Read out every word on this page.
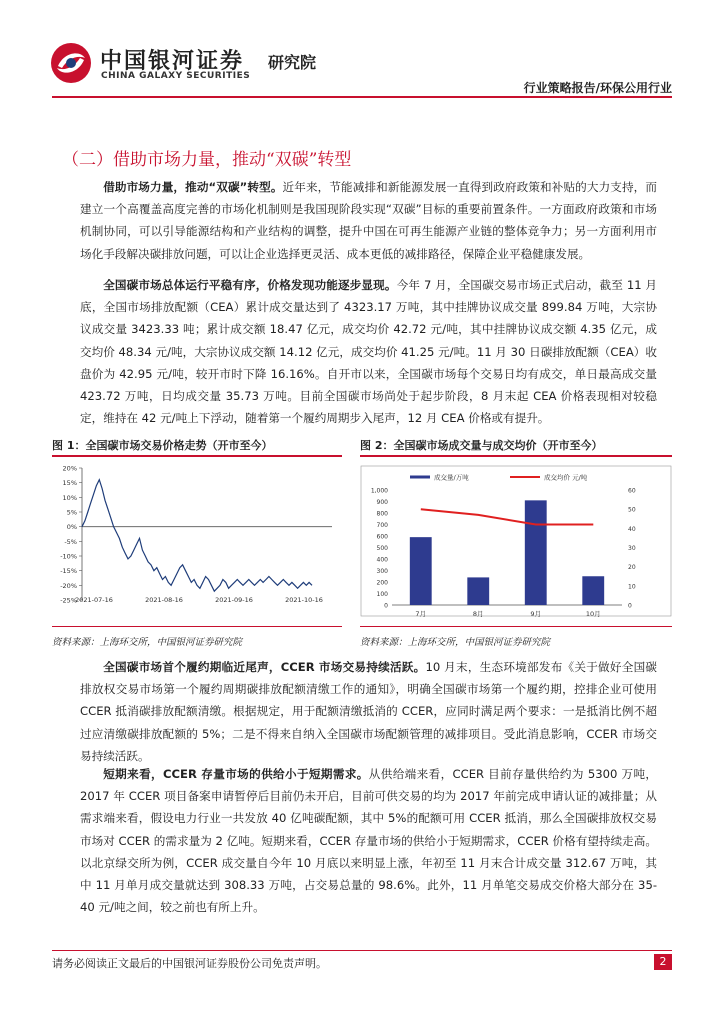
中国银河证券
CHINA GALAXY SECURITIES
研究院
行业策略报告/环保公用行业
（二）借助市场力量，推动“双碳”转型
借助市场力量，推动“双碳”转型。近年来，节能减排和新能源发展一直得到政府政策和补贴的大力支持，而建立一个高覆盖高度完善的市场化机制则是我国现阶段实现“双碳”目标的重要前置条件。一方面政府政策和市场机制协同，可以引导能源结构和产业结构的调整，提升中国在可再生能源产业链的整体竞争力；另一方面利用市场化手段解决碳排放问题，可以让企业选择更灵活、成本更低的减排路径，保障企业平稳健康发展。
全国碳市场总体运行平稳有序，价格发现功能逐步显现。今年 7 月，全国碳交易市场正式启动，截至 11 月底，全国市场排放配额（CEA）累计成交量达到了 4323.17 万吨，其中挂牌协议成交量 899.84 万吨，大宗协议成交量 3423.33 吨；累计成交额 18.47 亿元，成交均价 42.72 元/吨，其中挂牌协议成交额 4.35 亿元，成交均价 48.34 元/吨，大宗协议成交额 14.12 亿元，成交均价 41.25 元/吨。11 月 30 日碳排放配额（CEA）收盘价为 42.95 元/吨，较开市时下降 16.16%。自开市以来，全国碳市场每个交易日均有成交，单日最高成交量 423.72 万吨，日均成交量 35.73 万吨。目前全国碳市场尚处于起步阶段，8 月末起 CEA 价格表现相对较稳定，维持在 42 元/吨上下浮动，随着第一个履约周期步入尾声，12 月 CEA 价格或有提升。
图 1：全国碳市场交易价格走势（开市至今）
20%
15%
10%
5%
0%
-5%
-10%
-15%
-20%
-25%
2021-07-16	2021-08-16	2021-09-16	2021-10-16
资料来源：上海环交所，中国银河证券研究院
图 2：全国碳市场成交量与成交均价（开市至今）
成交量/万吨	成交均价 元/吨
1,000
900
800
700
600
500
400
300
200
100
0
60
50
40
30
20
10
0
7月	8月	9月	10月
资料来源：上海环交所，中国银河证券研究院
全国碳市场首个履约期临近尾声，CCER 市场交易持续活跃。10 月末，生态环境部发布《关于做好全国碳排放权交易市场第一个履约周期碳排放配额清缴工作的通知》，明确全国碳市场第一个履约期，控排企业可使用 CCER 抵消碳排放配额清缴。根据规定，用于配额清缴抵消的 CCER，应同时满足两个要求：一是抵消比例不超过应清缴碳排放配额的 5%；二是不得来自纳入全国碳市场配额管理的减排项目。受此消息影响，CCER 市场交易持续活跃。
短期来看，CCER 存量市场的供给小于短期需求。从供给端来看，CCER 目前存量供给约为 5300 万吨，2017 年 CCER 项目备案申请暂停后目前仍未开启，目前可供交易的均为 2017 年前完成申请认证的减排量；从需求端来看，假设电力行业一共发放 40 亿吨碳配额，其中 5%的配额可用 CCER 抵消，那么全国碳排放权交易市场对 CCER 的需求量为 2 亿吨。短期来看，CCER 存量市场的供给小于短期需求，CCER 价格有望持续走高。以北京绿交所为例，CCER 成交量自今年 10 月底以来明显上涨，年初至 11 月末合计成交量 312.67 万吨，其中 11 月单月成交量就达到 308.33 万吨，占交易总量的 98.6%。此外，11 月单笔交易成交价格大部分在 35-40 元/吨之间，较之前也有所上升。
请务必阅读正文最后的中国银河证券股份公司免责声明。	2
